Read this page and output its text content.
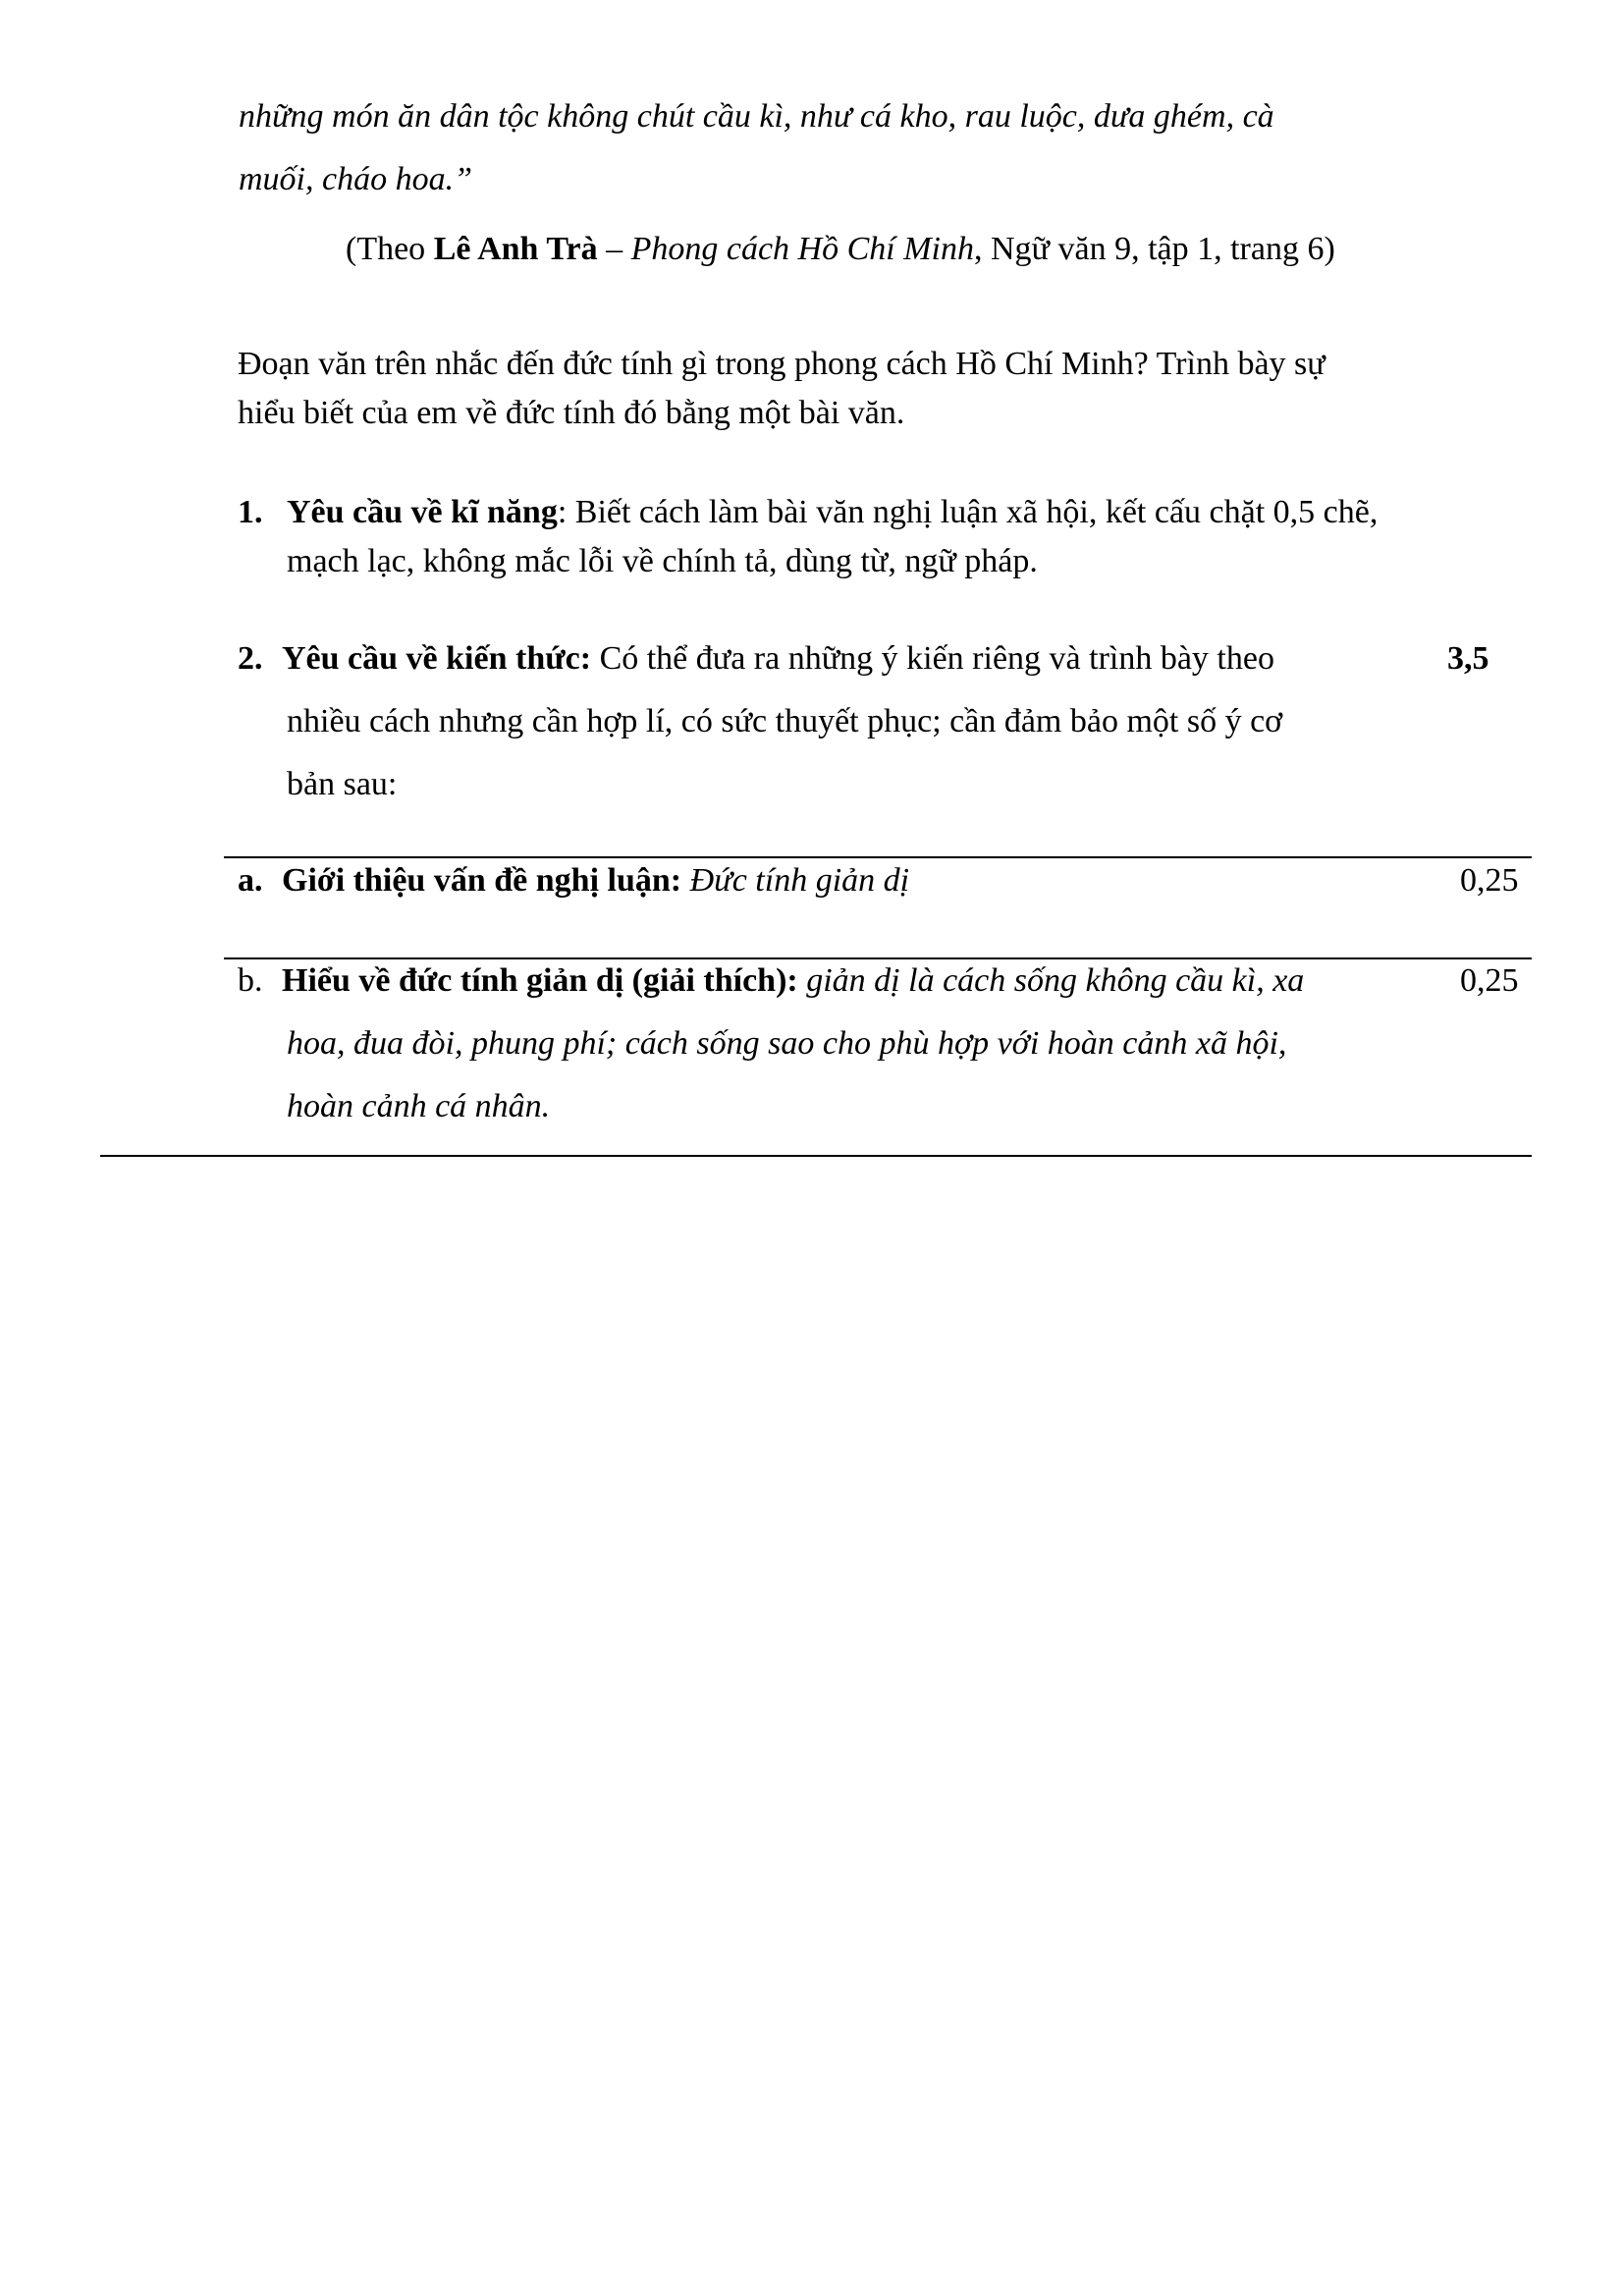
những món ăn dân tộc không chút cầu kì, như cá kho, rau luộc, dưa ghém, cà
muối, cháo hoa.”
(Theo Lê Anh Trà – Phong cách Hồ Chí Minh, Ngữ văn 9, tập 1, trang 6)
Đoạn văn trên nhắc đến đức tính gì trong phong cách Hồ Chí Minh? Trình bày sự
hiểu biết của em về đức tính đó bằng một bài văn.
1. Yêu cầu về kĩ năng: Biết cách làm bài văn nghị luận xã hội, kết cấu chặt 0,5 chẽ,
mạch lạc, không mắc lỗi về chính tả, dùng từ, ngữ pháp.
2. Yêu cầu về kiến thức: Có thể đưa ra những ý kiến riêng và trình bày theo	3,5
nhiều cách nhưng cần hợp lí, có sức thuyết phục; cần đảm bảo một số ý cơ
bản sau:
a. Giới thiệu vấn đề nghị luận: Đức tính giản dị	0,25
b. Hiểu về đức tính giản dị (giải thích): giản dị là cách sống không cầu kì, xa	0,25
hoa, đua đòi, phung phí; cách sống sao cho phù hợp với hoàn cảnh xã hội,
hoàn cảnh cá nhân.
